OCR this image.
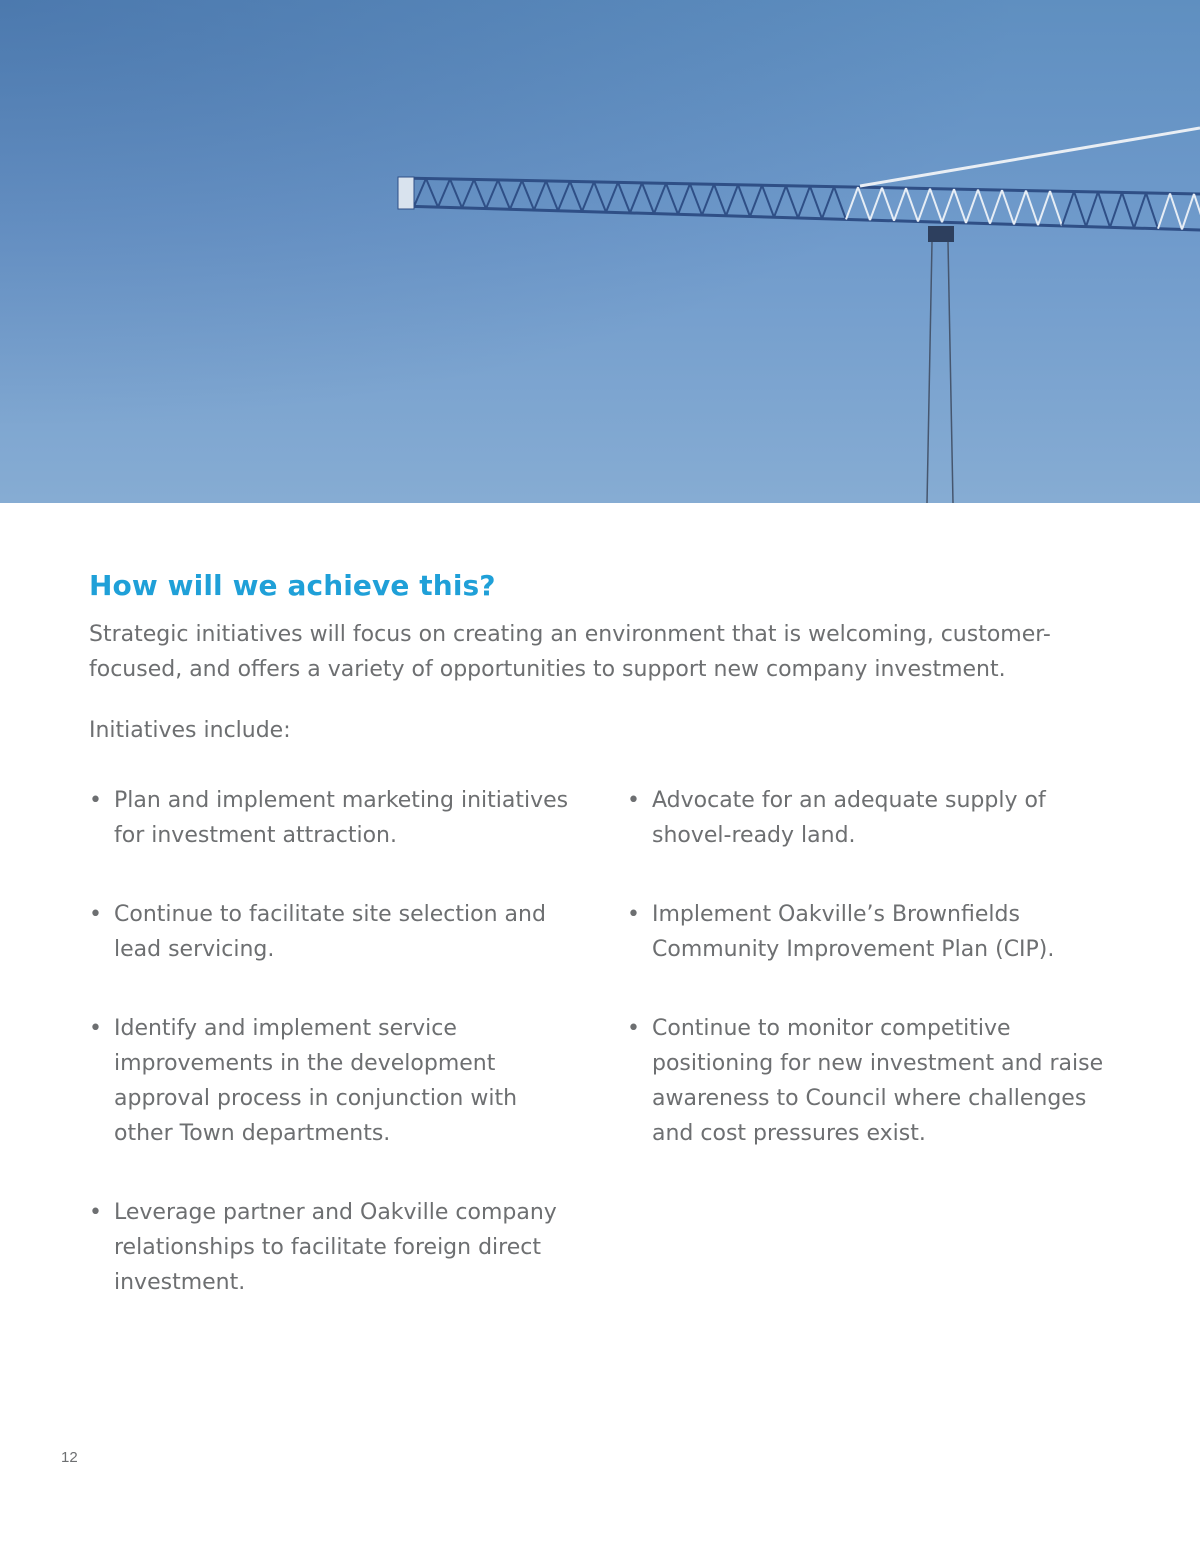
How will we achieve this?

Strategic initiatives will focus on creating an environment that is welcoming, customer-focused, and offers a variety of opportunities to support new company investment.

Initiatives include:

• Plan and implement marketing initiatives for investment attraction.
• Continue to facilitate site selection and lead servicing.
• Identify and implement service improvements in the development approval process in conjunction with other Town departments.
• Leverage partner and Oakville company relationships to facilitate foreign direct investment.
• Advocate for an adequate supply of shovel-ready land.
• Implement Oakville’s Brownfields Community Improvement Plan (CIP).
• Continue to monitor competitive positioning for new investment and raise awareness to Council where challenges and cost pressures exist.
12
